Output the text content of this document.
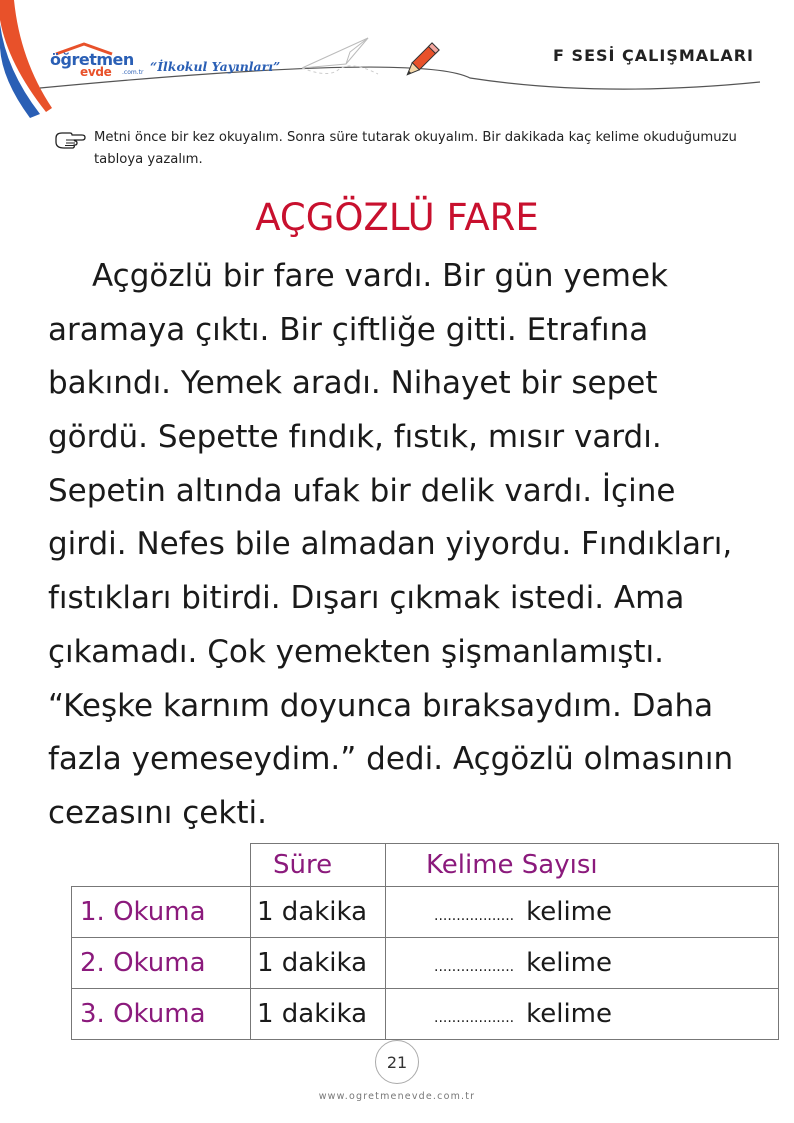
öğretmen
evde .com.tr “İlkokul Yayınları”
F SESİ ÇALIŞMALARI

Metni önce bir kez okuyalım. Sonra süre tutarak okuyalım. Bir dakikada kaç kelime okuduğumuzu tabloya yazalım.

AÇGÖZLÜ FARE
Açgözlü bir fare vardı. Bir gün yemek
aramaya çıktı. Bir çiftliğe gitti. Etrafına
bakındı. Yemek aradı. Nihayet bir sepet
gördü. Sepette fındık, fıstık, mısır vardı.
Sepetin altında ufak bir delik vardı. İçine
girdi. Nefes bile almadan yiyordu. Fındıkları,
fıstıkları bitirdi. Dışarı çıkmak istedi. Ama
çıkamadı. Çok yemekten şişmanlamıştı.
“Keşke karnım doyunca bıraksaydım. Daha
fazla yemeseydim.” dedi. Açgözlü olmasının
cezasını çekti.
	Süre	Kelime Sayısı
1. Okuma	1 dakika	.................. kelime
2. Okuma	1 dakika	.................. kelime
3. Okuma	1 dakika	.................. kelime
21
www.ogretmenevde.com.tr
